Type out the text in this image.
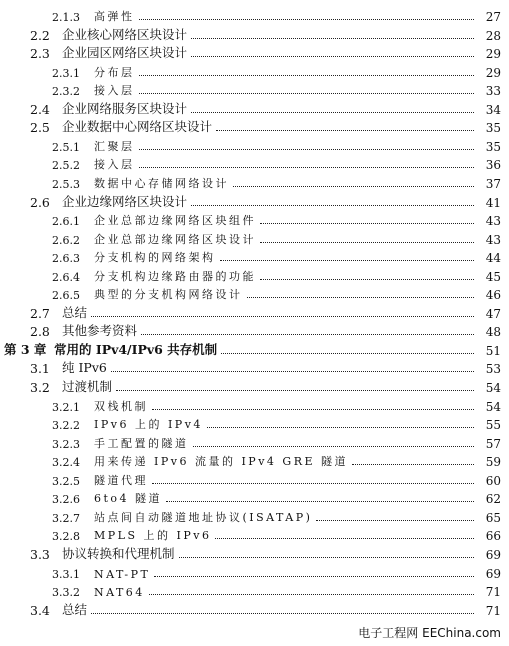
2.1.3 高弹性	27
2.2 企业核心网络区块设计	28
2.3 企业园区网络区块设计	29
2.3.1 分布层	29
2.3.2 接入层	33
2.4 企业网络服务区块设计	34
2.5 企业数据中心网络区块设计	35
2.5.1 汇聚层	35
2.5.2 接入层	36
2.5.3 数据中心存储网络设计	37
2.6 企业边缘网络区块设计	41
2.6.1 企业总部边缘网络区块组件	43
2.6.2 企业总部边缘网络区块设计	43
2.6.3 分支机构的网络架构	44
2.6.4 分支机构边缘路由器的功能	45
2.6.5 典型的分支机构网络设计	46
2.7 总结	47
2.8 其他参考资料	48
第 3 章 常用的 IPv4/IPv6 共存机制	51
3.1 纯 IPv6	53
3.2 过渡机制	54
3.2.1 双栈机制	54
3.2.2 IPv6 上的 IPv4	55
3.2.3 手工配置的隧道	57
3.2.4 用来传递 IPv6 流量的 IPv4 GRE 隧道	59
3.2.5 隧道代理	60
3.2.6 6to4 隧道	62
3.2.7 站点间自动隧道地址协议(ISATAP)	65
3.2.8 MPLS 上的 IPv6	66
3.3 协议转换和代理机制	69
3.3.1 NAT-PT	69
3.3.2 NAT64	71
3.4 总结	71
电子工程网 EEChina.com
